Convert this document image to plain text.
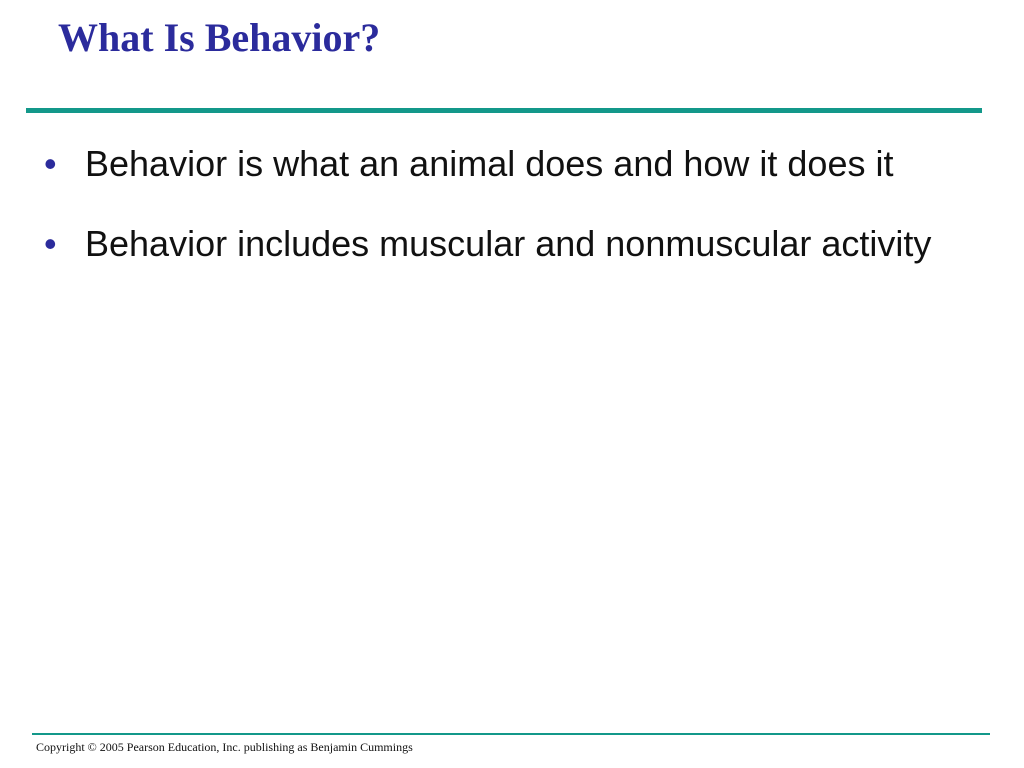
What Is Behavior?
• Behavior is what an animal does and how it does it
• Behavior includes muscular and nonmuscular activity
Copyright © 2005 Pearson Education, Inc. publishing as Benjamin Cummings
